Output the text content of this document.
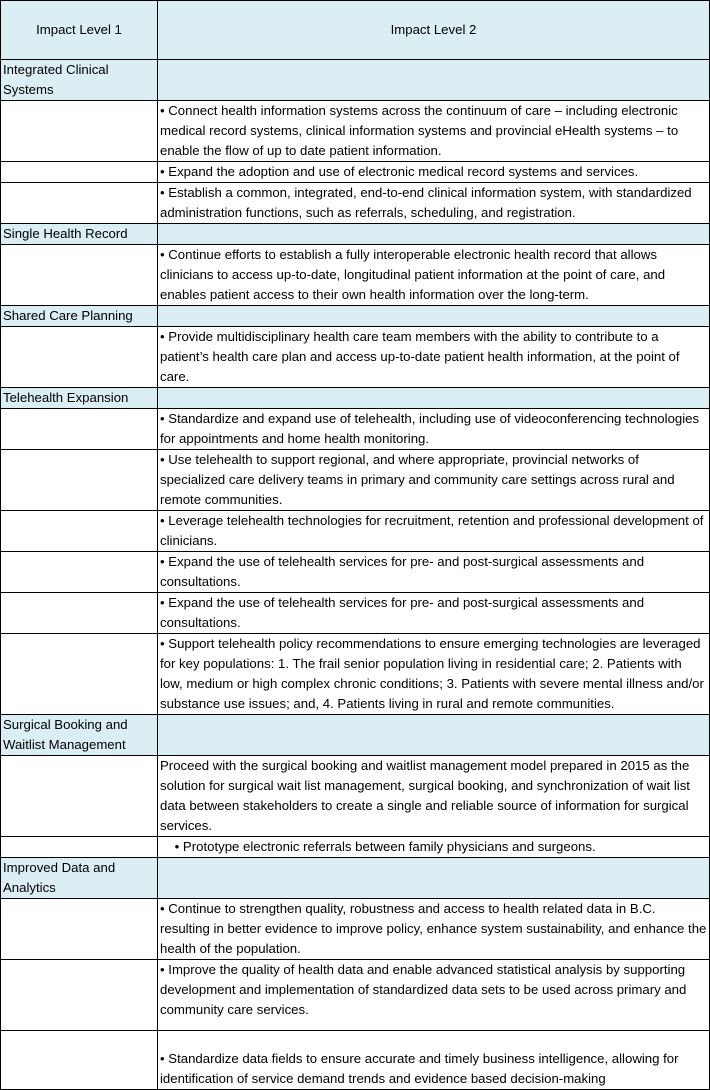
Impact Level 1	Impact Level 2
Integrated Clinical Systems	
	• Connect health information systems across the continuum of care – including electronic medical record systems, clinical information systems and provincial eHealth systems – to enable the flow of up to date patient information.
	• Expand the adoption and use of electronic medical record systems and services.
	• Establish a common, integrated, end-to-end clinical information system, with standardized administration functions, such as referrals, scheduling, and registration.
Single Health Record	
	• Continue efforts to establish a fully interoperable electronic health record that allows clinicians to access up-to-date, longitudinal patient information at the point of care, and enables patient access to their own health information over the long-term.
Shared Care Planning	
	• Provide multidisciplinary health care team members with the ability to contribute to a patient’s health care plan and access up-to-date patient health information, at the point of care.
Telehealth Expansion	
	• Standardize and expand use of telehealth, including use of videoconferencing technologies for appointments and home health monitoring.
	• Use telehealth to support regional, and where appropriate, provincial networks of specialized care delivery teams in primary and community care settings across rural and remote communities.
	• Leverage telehealth technologies for recruitment, retention and professional development of clinicians.
	• Expand the use of telehealth services for pre- and post-surgical assessments and consultations.
	• Expand the use of telehealth services for pre- and post-surgical assessments and consultations.
	• Support telehealth policy recommendations to ensure emerging technologies are leveraged for key populations: 1. The frail senior population living in residential care; 2. Patients with low, medium or high complex chronic conditions; 3. Patients with severe mental illness and/or substance use issues; and, 4. Patients living in rural and remote communities.
Surgical Booking and Waitlist Management	
	Proceed with the surgical booking and waitlist management model prepared in 2015 as the solution for surgical wait list management, surgical booking, and synchronization of wait list data between stakeholders to create a single and reliable source of information for surgical services.
	• Prototype electronic referrals between family physicians and surgeons.
Improved Data and Analytics	
	• Continue to strengthen quality, robustness and access to health related data in B.C. resulting in better evidence to improve policy, enhance system sustainability, and enhance the health of the population.
	• Improve the quality of health data and enable advanced statistical analysis by supporting development and implementation of standardized data sets to be used across primary and community care services.
	• Standardize data fields to ensure accurate and timely business intelligence, allowing for identification of service demand trends and evidence based decision-making
